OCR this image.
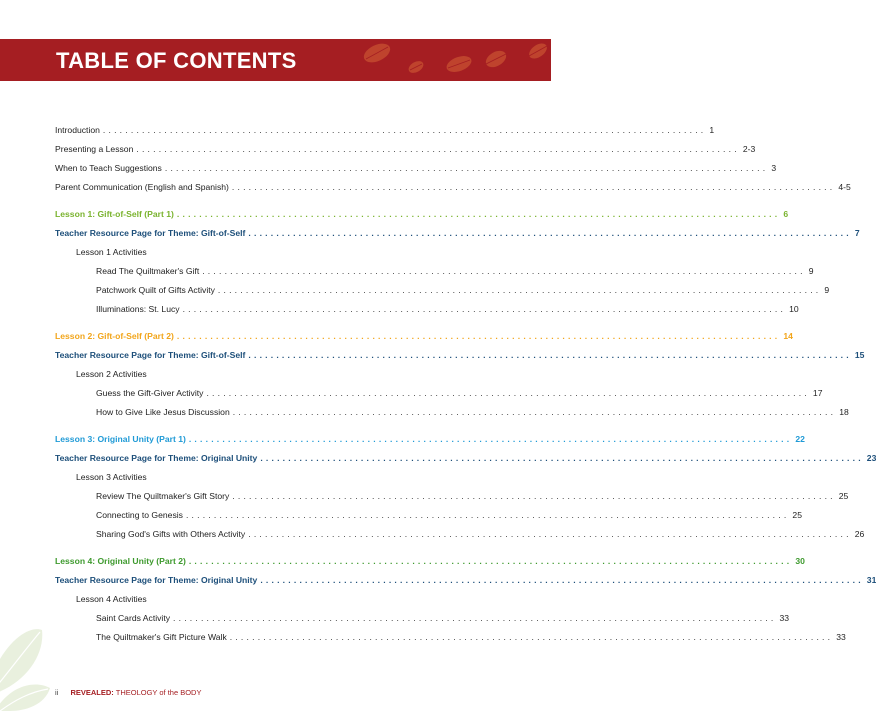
TABLE OF CONTENTS
Introduction ............................................................................................................ 1
Presenting a Lesson ............................................................................................................ 2-3
When to Teach Suggestions ............................................................................................................ 3
Parent Communication (English and Spanish) ............................................................................................................ 4-5
Lesson 1: Gift-of-Self (Part 1) ............................................................................................................ 6
Teacher Resource Page for Theme: Gift-of-Self ............................................................................................................ 7
Lesson 1 Activities
Read The Quiltmaker's Gift ............................................................................................................ 9
Patchwork Quilt of Gifts Activity ............................................................................................................ 9
Illuminations: St. Lucy ............................................................................................................ 10
Lesson 2: Gift-of-Self (Part 2) ............................................................................................................ 14
Teacher Resource Page for Theme: Gift-of-Self ............................................................................................................ 15
Lesson 2 Activities
Guess the Gift-Giver Activity ............................................................................................................ 17
How to Give Like Jesus Discussion ............................................................................................................ 18
Lesson 3: Original Unity (Part 1) ............................................................................................................ 22
Teacher Resource Page for Theme: Original Unity ............................................................................................................ 23
Lesson 3 Activities
Review The Quiltmaker's Gift Story ............................................................................................................ 25
Connecting to Genesis ............................................................................................................ 25
Sharing God's Gifts with Others Activity ............................................................................................................ 26
Lesson 4: Original Unity (Part 2) ............................................................................................................ 30
Teacher Resource Page for Theme: Original Unity ............................................................................................................ 31
Lesson 4 Activities
Saint Cards Activity ............................................................................................................ 33
The Quiltmaker's Gift Picture Walk ............................................................................................................ 33
ii REVEALED: THEOLOGY of the BODY
